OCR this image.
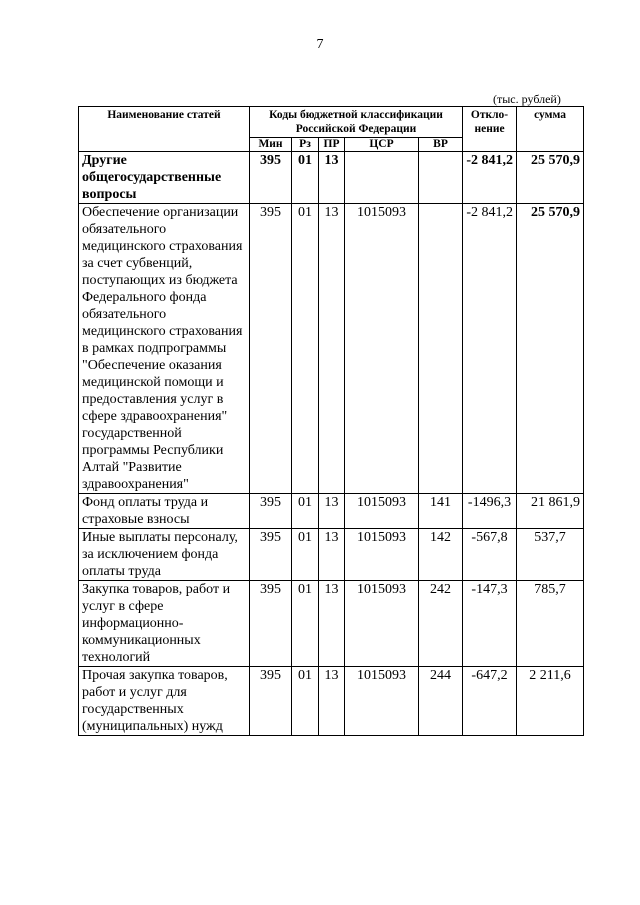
7
(тыс. рублей)
Наименование статей	Коды бюджетной классификации Российской Федерации					Откло-нение	сумма
	Мин	Рз	ПР	ЦСР	ВР		
Другие общегосударственные вопросы	395	01	13			-2 841,2	25 570,9
Обеспечение организации обязательного медицинского страхования за счет субвенций, поступающих из бюджета Федерального фонда обязательного медицинского страхования в рамках подпрограммы "Обеспечение оказания медицинской помощи и предоставления услуг в сфере здравоохранения" государственной программы Республики Алтай "Развитие здравоохранения"	395	01	13	1015093		-2 841,2	25 570,9
Фонд оплаты труда и страховые взносы	395	01	13	1015093	141	-1496,3	21 861,9
Иные выплаты персоналу, за исключением фонда оплаты труда	395	01	13	1015093	142	-567,8	537,7
Закупка товаров, работ и услуг в сфере информационно-коммуникационных технологий	395	01	13	1015093	242	-147,3	785,7
Прочая закупка товаров, работ и услуг для государственных (муниципальных) нужд	395	01	13	1015093	244	-647,2	2 211,6
